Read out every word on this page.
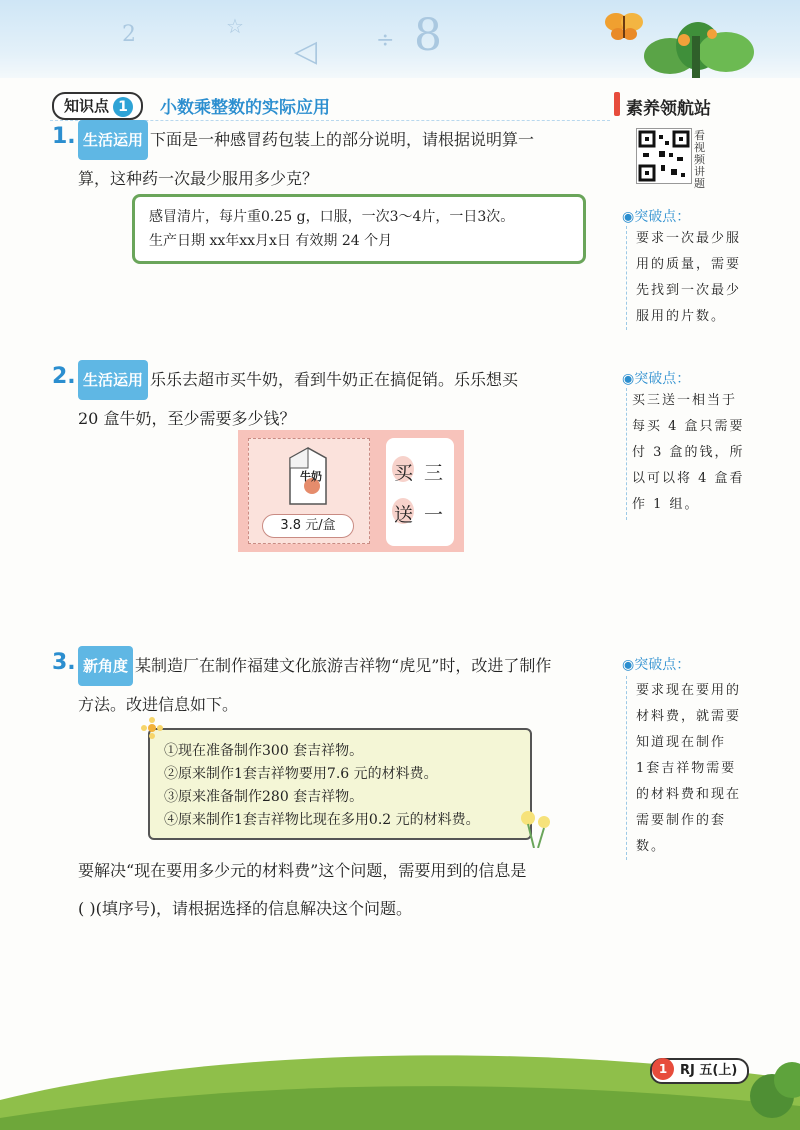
2	☆
◁	÷ 8
知识点 1	小数乘整数的实际应用	素养领航站
看视频讲题
◉突破点：
要求一次最少服
用的质量，需要
先找到一次最少
服用的片数。
1. 生活运用 下面是一种感冒药包装上的部分说明，请根据说明算一
算，这种药一次最少服用多少克？
感冒清片，每片重0.25 g，口服，一次3～4片，一日3次。
生产日期 xx年xx月x日 有效期 24 个月
2. 生活运用 乐乐去超市买牛奶，看到牛奶正在搞促销。乐乐想买
20 盒牛奶，至少需要多少钱？
◉突破点：
买三送一相当于
每买 4 盒只需要
付 3 盒的钱，所
以可以将 4 盒看
作 1 组。
牛奶
3.8 元/盒
买 三
送 一
3. 新角度 某制造厂在制作福建文化旅游吉祥物“虎见”时，改进了制作
方法。改进信息如下。
◉突破点：
要求现在要用的
材料费，就需要
知道现在制作
1套吉祥物需要
的材料费和现在
需要制作的套
数。
①现在准备制作300 套吉祥物。
②原来制作1套吉祥物要用7.6 元的材料费。
③原来准备制作280 套吉祥物。
④原来制作1套吉祥物比现在多用0.2 元的材料费。
要解决“现在要用多少元的材料费”这个问题，需要用到的信息是
( )(填序号)，请根据选择的信息解决这个问题。
RJ 五(上)
1
